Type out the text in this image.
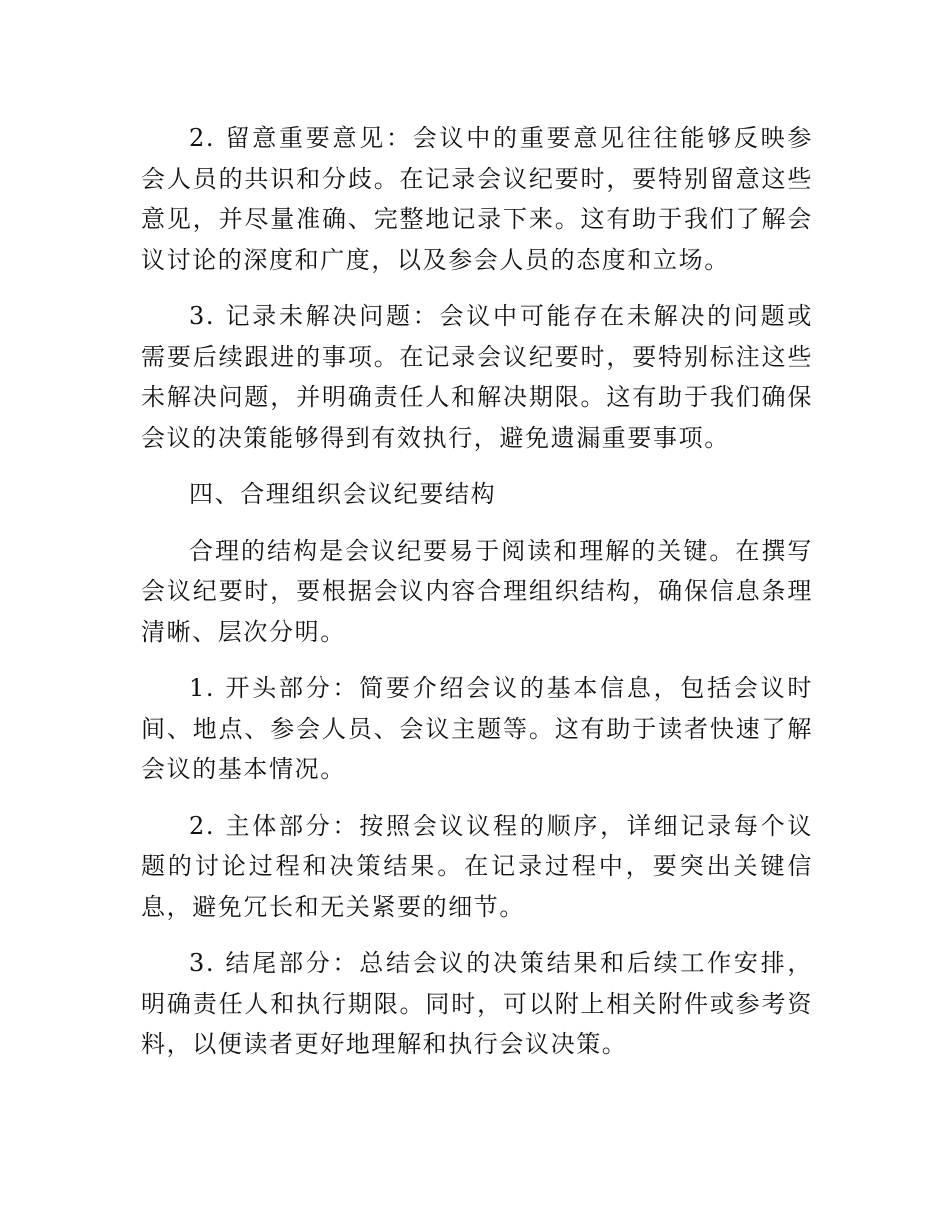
2. 留意重要意见：会议中的重要意见往往能够反映参会人员的共识和分歧。在记录会议纪要时，要特别留意这些意见，并尽量准确、完整地记录下来。这有助于我们了解会议讨论的深度和广度，以及参会人员的态度和立场。

3. 记录未解决问题：会议中可能存在未解决的问题或需要后续跟进的事项。在记录会议纪要时，要特别标注这些未解决问题，并明确责任人和解决期限。这有助于我们确保会议的决策能够得到有效执行，避免遗漏重要事项。

四、合理组织会议纪要结构

合理的结构是会议纪要易于阅读和理解的关键。在撰写会议纪要时，要根据会议内容合理组织结构，确保信息条理清晰、层次分明。

1. 开头部分：简要介绍会议的基本信息，包括会议时间、地点、参会人员、会议主题等。这有助于读者快速了解会议的基本情况。

2. 主体部分：按照会议议程的顺序，详细记录每个议题的讨论过程和决策结果。在记录过程中，要突出关键信息，避免冗长和无关紧要的细节。

3. 结尾部分：总结会议的决策结果和后续工作安排，明确责任人和执行期限。同时，可以附上相关附件或参考资料，以便读者更好地理解和执行会议决策。
